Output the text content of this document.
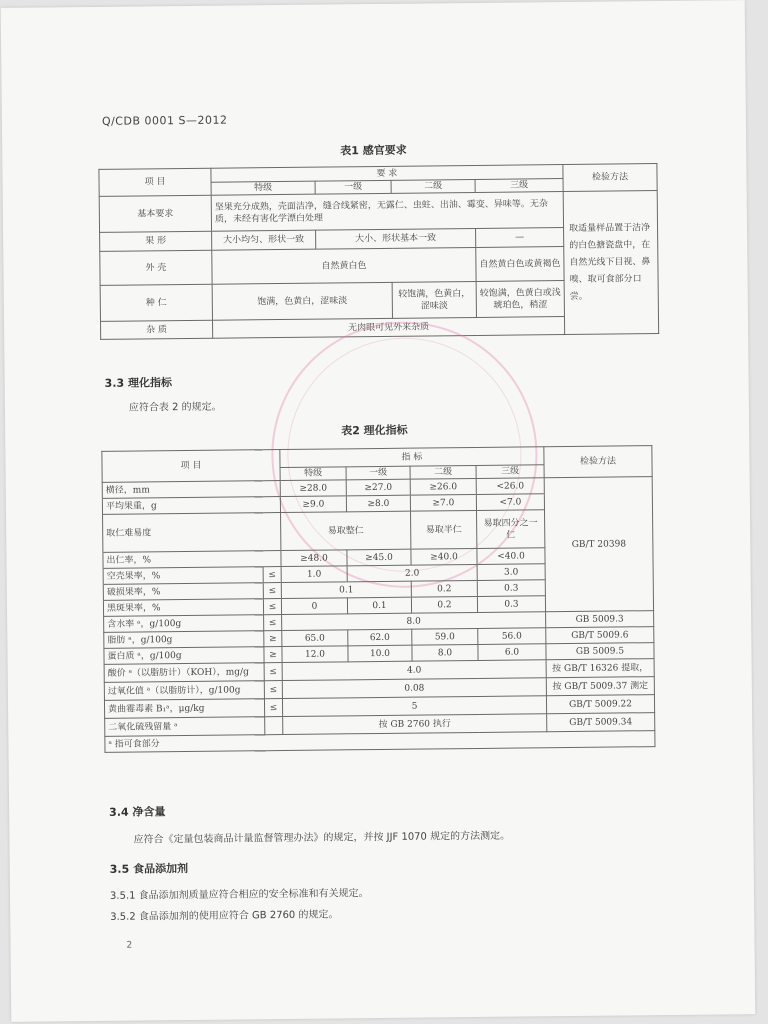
Q/CDB 0001 S—2012
表1 感官要求
项 目	要 求				检验方法
	特级	一级	二级	三级	
基本要求	坚果充分成熟，壳面洁净，缝合线紧密，无露仁、虫蛀、出油、霉变、异味等。无杂质，未经有害化学漂白处理				取适量样品置于洁净的白色搪瓷盘中，在自然光线下目视、鼻嗅、取可食部分口尝。
果 形	大小均匀、形状一致	大小、形状基本一致		—	
外 壳	自然黄白色			自然黄白色或黄褐色	
种 仁	饱满，色黄白，涩味淡		较饱满，色黄白，涩味淡	较饱满，色黄白或浅琥珀色，稍涩	
杂 质	无肉眼可见外来杂质				
3.3 理化指标
应符合表 2 的规定。
表2 理化指标
项 目		指 标				检验方法
		特级	一级	二级	三级	
横径，mm		≥28.0	≥27.0	≥26.0	<26.0	GB/T 20398
平均果重，g		≥9.0	≥8.0	≥7.0	<7.0	
取仁难易度		易取整仁		易取半仁	易取四分之一仁	
出仁率，%		≥48.0	≥45.0	≥40.0	<40.0	
空壳果率，%	≤	1.0	2.0		3.0	
破损果率，%	≤	0.1		0.2	0.3	
黑斑果率，%	≤	0	0.1	0.2	0.3	
含水率 ᵃ，g/100g	≤	8.0				GB 5009.3
脂肪 ᵃ，g/100g	≥	65.0	62.0	59.0	56.0	GB/T 5009.6
蛋白质 ᵃ，g/100g	≥	12.0	10.0	8.0	6.0	GB 5009.5
酸价 ᵃ（以脂肪计）（KOH），mg/g	≤	4.0				按 GB/T 16326 提取，
过氧化值 ᵃ（以脂肪计），g/100g	≤	0.08				按 GB/T 5009.37 测定
黄曲霉毒素 B₁ᵃ，μg/kg	≤	5				GB/T 5009.22
二氧化硫残留量 ᵃ		按 GB 2760 执行				GB/T 5009.34
ᵃ 指可食部分						
3.4 净含量
应符合《定量包装商品计量监督管理办法》的规定，并按 JJF 1070 规定的方法测定。
3.5 食品添加剂
3.5.1 食品添加剂质量应符合相应的安全标准和有关规定。
3.5.2 食品添加剂的使用应符合 GB 2760 的规定。
2
